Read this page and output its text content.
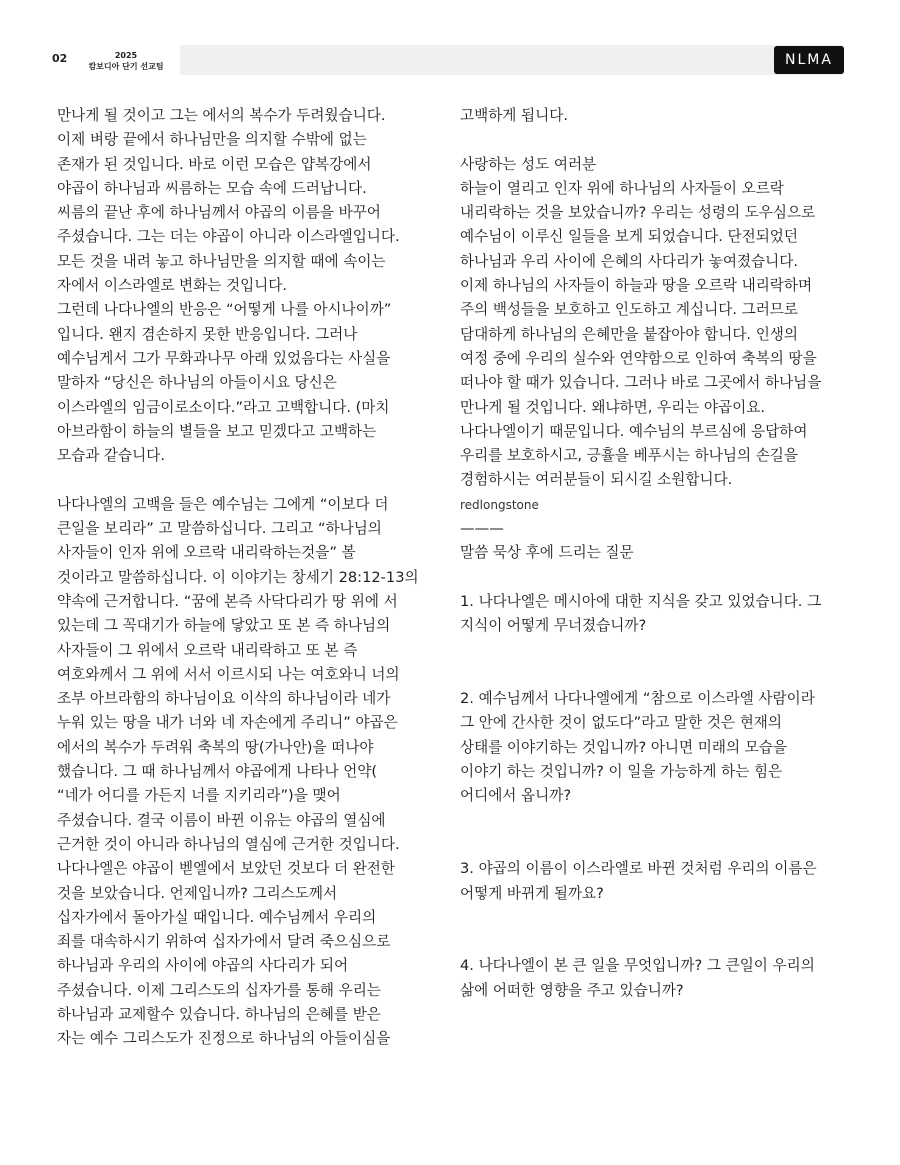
02	2025
캄보디아 단기 선교팀	NLMA
만나게 될 것이고 그는 에서의 복수가 두려웠습니다.
이제 벼랑 끝에서 하나님만을 의지할 수밖에 없는
존재가 된 것입니다. 바로 이런 모습은 얍복강에서
야곱이 하나님과 씨름하는 모습 속에 드러납니다.
씨름의 끝난 후에 하나님께서 야곱의 이름을 바꾸어
주셨습니다. 그는 더는 야곱이 아니라 이스라엘입니다.
모든 것을 내려 놓고 하나님만을 의지할 때에 속이는
자에서 이스라엘로 변화는 것입니다.
그런데 나다나엘의 반응은 “어떻게 나를 아시나이까”
입니다. 왠지 겸손하지 못한 반응입니다. 그러나
예수님게서 그가 무화과나무 아래 있었음다는 사실을
말하자 “당신은 하나님의 아들이시요 당신은
이스라엘의 임금이로소이다.”라고 고백합니다. (마치
아브라함이 하늘의 별들을 보고 믿겠다고 고백하는
모습과 같습니다.
나다나엘의 고백을 들은 예수님는 그에게 “이보다 더
큰일을 보리라” 고 말씀하십니다. 그리고 “하나님의
사자들이 인자 위에 오르락 내리락하는것을” 볼
것이라고 말씀하십니다. 이 이야기는 창세기 28:12-13의
약속에 근거합니다. “꿈에 본즉 사닥다리가 땅 위에 서
있는데 그 꼭대기가 하늘에 닿았고 또 본 즉 하나님의
사자들이 그 위에서 오르락 내리락하고 또 본 즉
여호와께서 그 위에 서서 이르시되 나는 여호와니 너의
조부 아브라함의 하나님이요 이삭의 하나님이라 네가
누워 있는 땅을 내가 너와 네 자손에게 주리니” 야곱은
에서의 복수가 두려워 축복의 땅(가나안)을 떠나야
했습니다. 그 때 하나님께서 야곱에게 나타나 언약(
“네가 어디를 가든지 너를 지키리라”)을 맺어
주셨습니다. 결국 이름이 바뀐 이유는 야곱의 열심에
근거한 것이 아니라 하나님의 열심에 근거한 것입니다.
나다나엘은 야곱이 벧엘에서 보았던 것보다 더 완전한
것을 보았습니다. 언제입니까? 그리스도께서
십자가에서 돌아가실 때입니다. 예수님께서 우리의
죄를 대속하시기 위하여 십자가에서 달려 죽으심으로
하나님과 우리의 사이에 야곱의 사다리가 되어
주셨습니다. 이제 그리스도의 십자가를 통해 우리는
하나님과 교제할수 있습니다. 하나님의 은혜를 받은
자는 예수 그리스도가 진정으로 하나님의 아들이심을
고백하게 됩니다.
사랑하는 성도 여러분
하늘이 열리고 인자 위에 하나님의 사자들이 오르락
내리락하는 것을 보았습니까? 우리는 성령의 도우심으로
예수님이 이루신 일들을 보게 되었습니다. 단전되었던
하나님과 우리 사이에 은혜의 사다리가 놓여졌습니다.
이제 하나님의 사자들이 하늘과 땅을 오르락 내리락하며
주의 백성들을 보호하고 인도하고 계십니다. 그러므로
담대하게 하나님의 은혜만을 붙잡아야 합니다. 인생의
여정 중에 우리의 실수와 연약함으로 인하여 축복의 땅을
떠나야 할 때가 있습니다. 그러나 바로 그곳에서 하나님을
만나게 될 것입니다. 왜냐하면, 우리는 야곱이요.
나다나엘이기 때문입니다. 예수님의 부르심에 응답하여
우리를 보호하시고, 긍휼을 베푸시는 하나님의 손길을
경험하시는 여러분들이 되시길 소원합니다.
redlongstone
———
말씀 묵상 후에 드리는 질문
1. 나다나엘은 메시아에 대한 지식을 갖고 있었습니다. 그
지식이 어떻게 무너졌습니까?
2. 예수님께서 나다나엘에게 “참으로 이스라엘 사람이라
그 안에 간사한 것이 없도다”라고 말한 것은 현재의
상태를 이야기하는 것입니까? 아니면 미래의 모습을
이야기 하는 것입니까? 이 일을 가능하게 하는 힘은
어디에서 옵니까?
3. 야곱의 이름이 이스라엘로 바뀐 것처럼 우리의 이름은
어떻게 바뀌게 될까요?
4. 나다나엘이 본 큰 일을 무엇입니까? 그 큰일이 우리의
삶에 어떠한 영향을 주고 있습니까?
